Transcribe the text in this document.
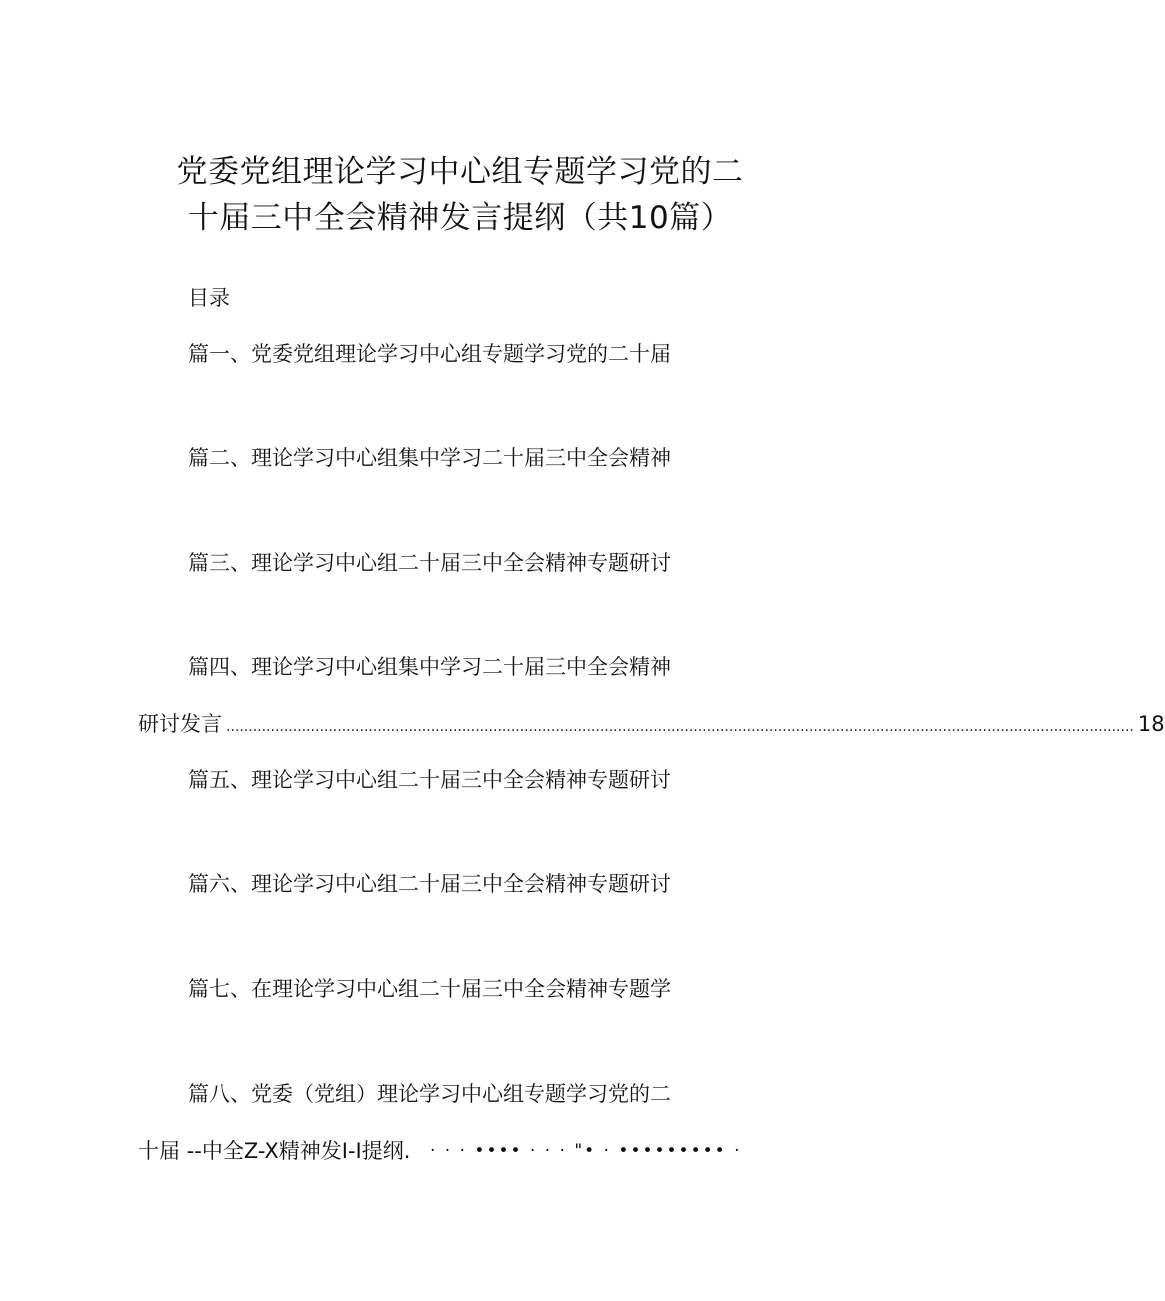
党委党组理论学习中心组专题学习党的二
十届三中全会精神发言提纲（共10篇）
目录
篇一、党委党组理论学习中心组专题学习党的二十届
篇二、理论学习中心组集中学习二十届三中全会精神
篇三、理论学习中心组二十届三中全会精神专题研讨
篇四、理论学习中心组集中学习二十届三中全会精神
研讨发言 ............................................................................................................................................................................................................ 18
篇五、理论学习中心组二十届三中全会精神专题研讨
篇六、理论学习中心组二十届三中全会精神专题研讨
篇七、在理论学习中心组二十届三中全会精神专题学
篇八、党委（党组）理论学习中心组专题学习党的二
十届 --中全Z-X精神发I-I提纲. · · · •••• · · · "• · ••••••••• ·
